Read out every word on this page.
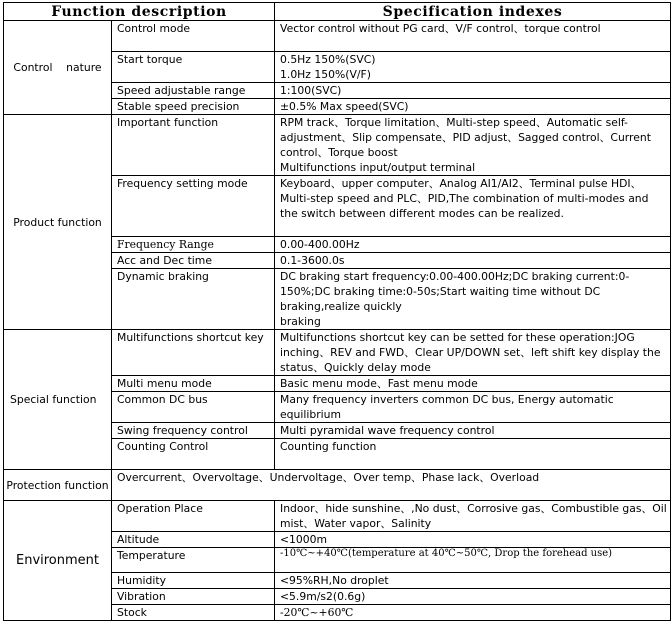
Function description		Specification indexes
Control    nature	Control mode	Vector control without PG card、V/F control、torque control
	Start torque	0.5Hz 150%(SVC)
1.0Hz 150%(V/F)
	Speed adjustable range	1:100(SVC)
	Stable speed precision	±0.5% Max speed(SVC)
Product function	Important function	RPM track、Torque limitation、Multi-step speed、Automatic self-adjustment、Slip compensate、PID adjust、Sagged control、Current control、Torque boost
Multifunctions input/output terminal
	Frequency setting mode	Keyboard、upper computer、Analog AI1/AI2、Terminal pulse HDI、Multi-step speed and PLC、PID,The combination of multi-modes and the switch between different modes can be realized.
	Frequency Range	0.00-400.00Hz
	Acc and Dec time	0.1-3600.0s
	Dynamic braking	DC braking start frequency:0.00-400.00Hz;DC braking current:0-150%;DC braking time:0-50s;Start waiting time without DC braking,realize quickly
braking
Special function	Multifunctions shortcut key	Multifunctions shortcut key can be setted for these operation:JOG inching、REV and FWD、Clear UP/DOWN set、left shift key display the status、Quickly delay mode
	Multi menu mode	Basic menu mode、Fast menu mode
	Common DC bus	Many frequency inverters common DC bus, Energy automatic equilibrium
	Swing frequency control	Multi pyramidal wave frequency control
	Counting Control	Counting function
Protection function	Overcurrent、Overvoltage、Undervoltage、Over temp、Phase lack、Overload	
Environment	Operation Place	Indoor、hide sunshine、,No dust、Corrosive gas、Combustible gas、Oil mist、Water vapor、Salinity
	Altitude	<1000m
	Temperature	-10℃~+40℃(temperature at 40℃~50℃, Drop the forehead use)
	Humidity	<95%RH,No droplet
	Vibration	<5.9m/s2(0.6g)
	Stock	-20℃~+60℃
